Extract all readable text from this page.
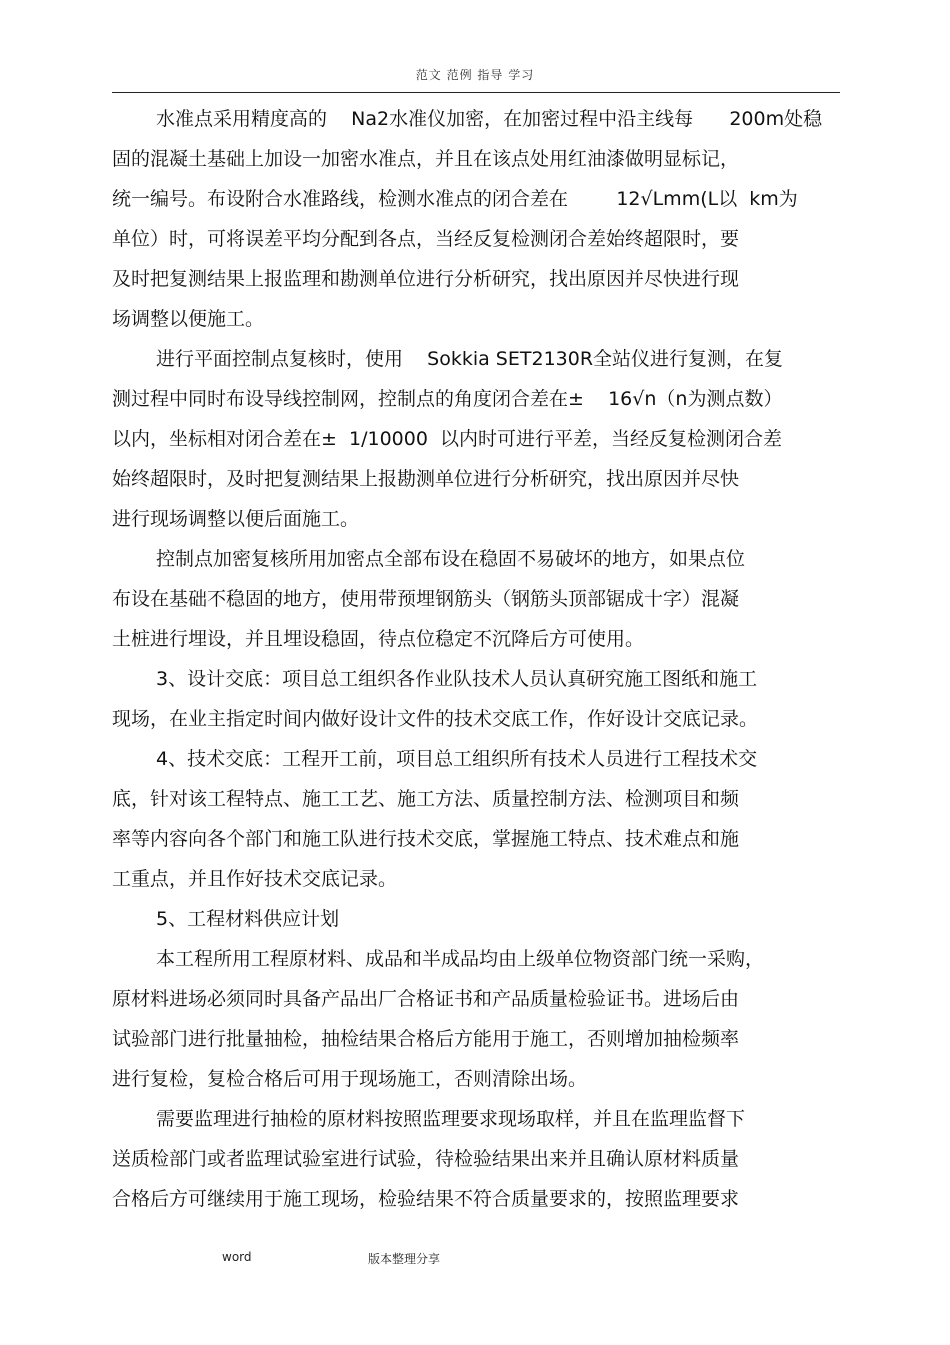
范文 范例 指导 学习
水准点采用精度高的    Na2水准仪加密，在加密过程中沿主线每      200m处稳
固的混凝土基础上加设一加密水准点，并且在该点处用红油漆做明显标记，
统一编号。布设附合水准路线，检测水准点的闭合差在        12√Lmm(L以  km为
单位）时，可将误差平均分配到各点，当经反复检测闭合差始终超限时，要
及时把复测结果上报监理和勘测单位进行分析研究，找出原因并尽快进行现
场调整以便施工。
进行平面控制点复核时，使用    Sokkia SET2130R全站仪进行复测，在复
测过程中同时布设导线控制网，控制点的角度闭合差在±    16√n（n为测点数）
以内，坐标相对闭合差在±  1/10000  以内时可进行平差，当经反复检测闭合差
始终超限时，及时把复测结果上报勘测单位进行分析研究，找出原因并尽快
进行现场调整以便后面施工。
控制点加密复核所用加密点全部布设在稳固不易破坏的地方，如果点位
布设在基础不稳固的地方，使用带预埋钢筋头（钢筋头顶部锯成十字）混凝
土桩进行埋设，并且埋设稳固，待点位稳定不沉降后方可使用。
3、设计交底：项目总工组织各作业队技术人员认真研究施工图纸和施工
现场，在业主指定时间内做好设计文件的技术交底工作，作好设计交底记录。
4、技术交底：工程开工前，项目总工组织所有技术人员进行工程技术交
底，针对该工程特点、施工工艺、施工方法、质量控制方法、检测项目和频
率等内容向各个部门和施工队进行技术交底，掌握施工特点、技术难点和施
工重点，并且作好技术交底记录。
5、工程材料供应计划
本工程所用工程原材料、成品和半成品均由上级单位物资部门统一采购，
原材料进场必须同时具备产品出厂合格证书和产品质量检验证书。进场后由
试验部门进行批量抽检，抽检结果合格后方能用于施工，否则增加抽检频率
进行复检，复检合格后可用于现场施工，否则清除出场。
需要监理进行抽检的原材料按照监理要求现场取样，并且在监理监督下
送质检部门或者监理试验室进行试验，待检验结果出来并且确认原材料质量
合格后方可继续用于施工现场，检验结果不符合质量要求的，按照监理要求
word	版本整理分享
